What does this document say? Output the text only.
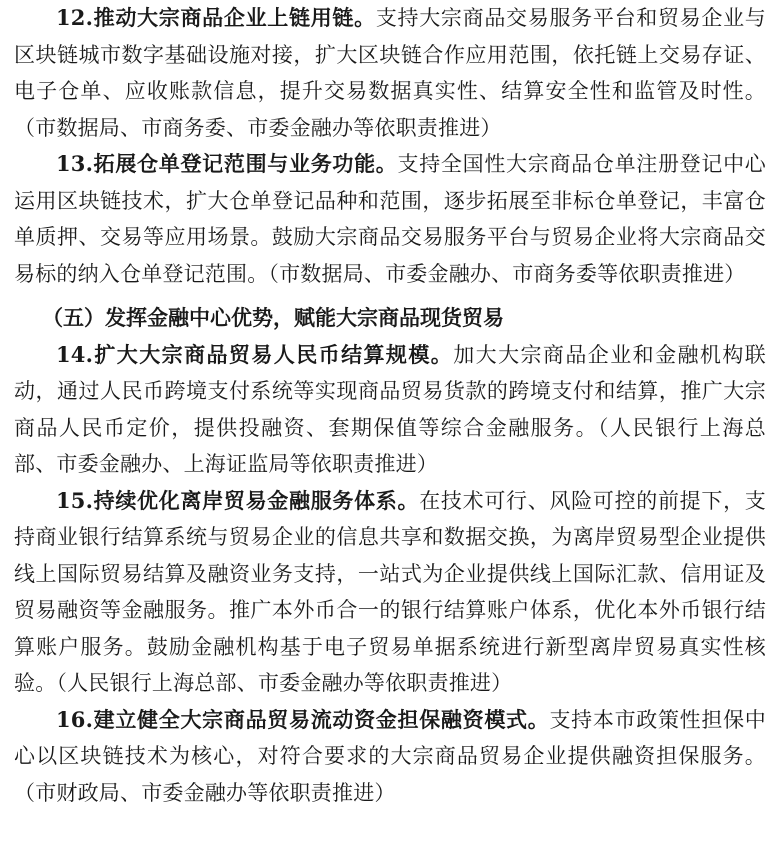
12.推动大宗商品企业上链用链。支持大宗商品交易服务平台和贸易企业与区块链城市数字基础设施对接，扩大区块链合作应用范围，依托链上交易存证、电子仓单、应收账款信息，提升交易数据真实性、结算安全性和监管及时性。（市数据局、市商务委、市委金融办等依职责推进）

13.拓展仓单登记范围与业务功能。支持全国性大宗商品仓单注册登记中心运用区块链技术，扩大仓单登记品种和范围，逐步拓展至非标仓单登记，丰富仓单质押、交易等应用场景。鼓励大宗商品交易服务平台与贸易企业将大宗商品交易标的纳入仓单登记范围。（市数据局、市委金融办、市商务委等依职责推进）

（五）发挥金融中心优势，赋能大宗商品现货贸易

14.扩大大宗商品贸易人民币结算规模。加大大宗商品企业和金融机构联动，通过人民币跨境支付系统等实现商品贸易货款的跨境支付和结算，推广大宗商品人民币定价，提供投融资、套期保值等综合金融服务。（人民银行上海总部、市委金融办、上海证监局等依职责推进）

15.持续优化离岸贸易金融服务体系。在技术可行、风险可控的前提下，支持商业银行结算系统与贸易企业的信息共享和数据交换，为离岸贸易型企业提供线上国际贸易结算及融资业务支持，一站式为企业提供线上国际汇款、信用证及贸易融资等金融服务。推广本外币合一的银行结算账户体系，优化本外币银行结算账户服务。鼓励金融机构基于电子贸易单据系统进行新型离岸贸易真实性核验。（人民银行上海总部、市委金融办等依职责推进）

16.建立健全大宗商品贸易流动资金担保融资模式。支持本市政策性担保中心以区块链技术为核心，对符合要求的大宗商品贸易企业提供融资担保服务。（市财政局、市委金融办等依职责推进）
